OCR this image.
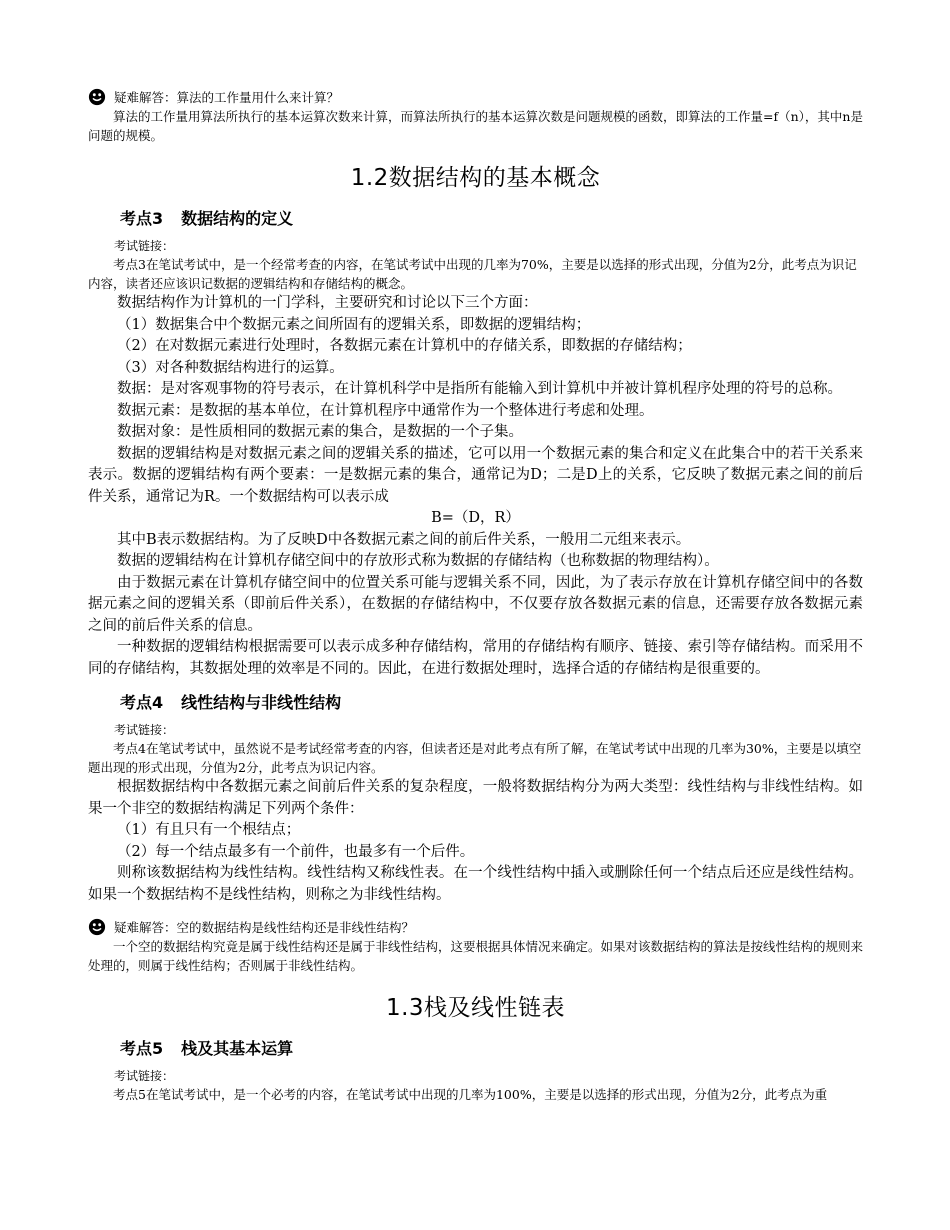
疑难解答：算法的工作量用什么来计算？

算法的工作量用算法所执行的基本运算次数来计算，而算法所执行的基本运算次数是问题规模的函数，即算法的工作量=f（n），其中n是问题的规模。

1.2数据结构的基本概念
考点3 数据结构的定义
考试链接：

考点3在笔试考试中，是一个经常考查的内容，在笔试考试中出现的几率为70%，主要是以选择的形式出现，分值为2分，此考点为识记内容，读者还应该识记数据的逻辑结构和存储结构的概念。

数据结构作为计算机的一门学科，主要研究和讨论以下三个方面：

（1）数据集合中个数据元素之间所固有的逻辑关系，即数据的逻辑结构；

（2）在对数据元素进行处理时，各数据元素在计算机中的存储关系，即数据的存储结构；

（3）对各种数据结构进行的运算。

数据：是对客观事物的符号表示，在计算机科学中是指所有能输入到计算机中并被计算机程序处理的符号的总称。

数据元素：是数据的基本单位，在计算机程序中通常作为一个整体进行考虑和处理。

数据对象：是性质相同的数据元素的集合，是数据的一个子集。

数据的逻辑结构是对数据元素之间的逻辑关系的描述，它可以用一个数据元素的集合和定义在此集合中的若干关系来表示。数据的逻辑结构有两个要素：一是数据元素的集合，通常记为D；二是D上的关系，它反映了数据元素之间的前后件关系，通常记为R。一个数据结构可以表示成

B=（D，R）

其中B表示数据结构。为了反映D中各数据元素之间的前后件关系，一般用二元组来表示。

数据的逻辑结构在计算机存储空间中的存放形式称为数据的存储结构（也称数据的物理结构）。

由于数据元素在计算机存储空间中的位置关系可能与逻辑关系不同，因此，为了表示存放在计算机存储空间中的各数据元素之间的逻辑关系（即前后件关系），在数据的存储结构中，不仅要存放各数据元素的信息，还需要存放各数据元素之间的前后件关系的信息。

一种数据的逻辑结构根据需要可以表示成多种存储结构，常用的存储结构有顺序、链接、索引等存储结构。而采用不同的存储结构，其数据处理的效率是不同的。因此，在进行数据处理时，选择合适的存储结构是很重要的。

考点4 线性结构与非线性结构
考试链接：

考点4在笔试考试中，虽然说不是考试经常考查的内容，但读者还是对此考点有所了解，在笔试考试中出现的几率为30%，主要是以填空题出现的形式出现，分值为2分，此考点为识记内容。

根据数据结构中各数据元素之间前后件关系的复杂程度，一般将数据结构分为两大类型：线性结构与非线性结构。如果一个非空的数据结构满足下列两个条件：

（1）有且只有一个根结点；

（2）每一个结点最多有一个前件，也最多有一个后件。

则称该数据结构为线性结构。线性结构又称线性表。在一个线性结构中插入或删除任何一个结点后还应是线性结构。如果一个数据结构不是线性结构，则称之为非线性结构。

疑难解答：空的数据结构是线性结构还是非线性结构？

一个空的数据结构究竟是属于线性结构还是属于非线性结构，这要根据具体情况来确定。如果对该数据结构的算法是按线性结构的规则来处理的，则属于线性结构；否则属于非线性结构。

1.3栈及线性链表
考点5 栈及其基本运算
考试链接：

考点5在笔试考试中，是一个必考的内容，在笔试考试中出现的几率为100%，主要是以选择的形式出现，分值为2分，此考点为重
